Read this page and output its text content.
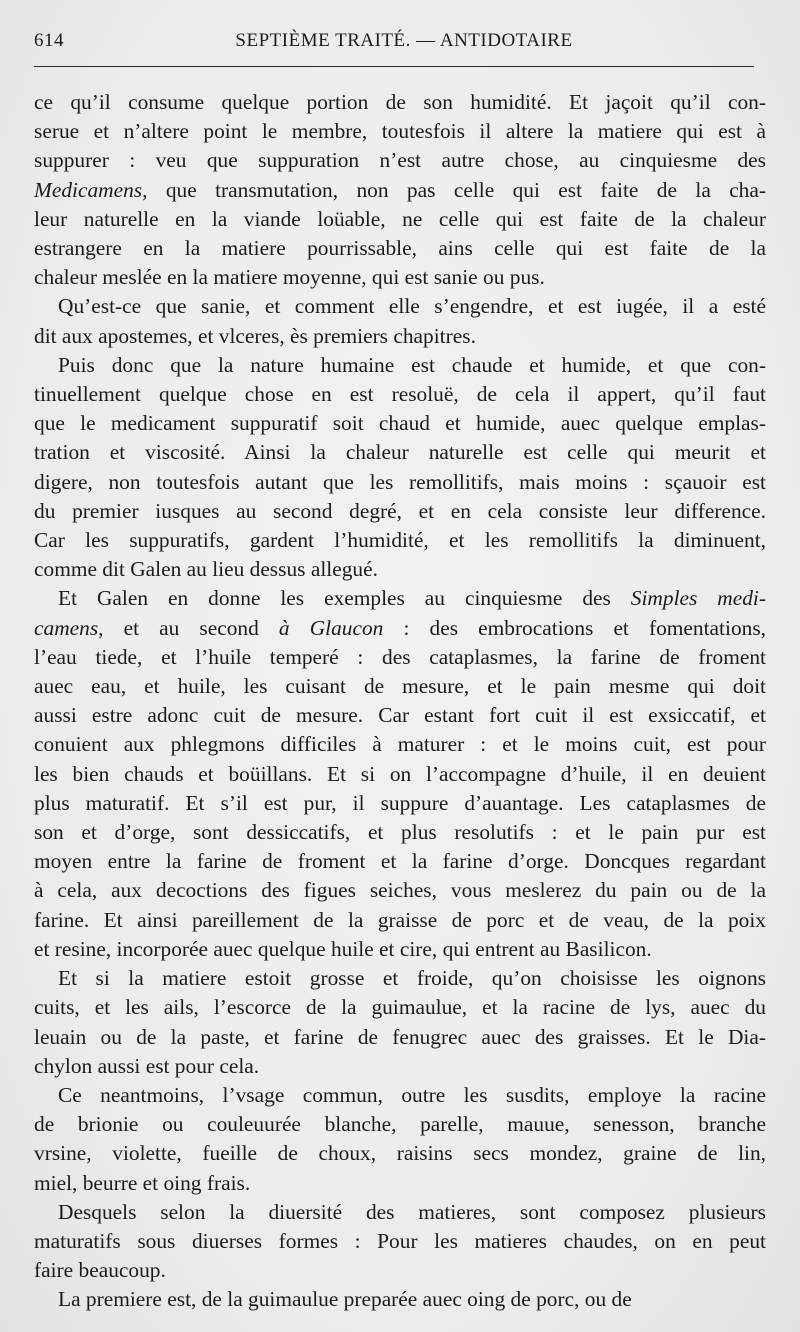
614	SEPTIÈME TRAITÉ. — ANTIDOTAIRE

ce qu’il consume quelque portion de son humidité. Et jaçoit qu’il con-
serue et n’altere point le membre, toutesfois il altere la matiere qui est à
suppurer : veu que suppuration n’est autre chose, au cinquiesme des
Medicamens, que transmutation, non pas celle qui est faite de la cha-
leur naturelle en la viande loüable, ne celle qui est faite de la chaleur
estrangere en la matiere pourrissable, ains celle qui est faite de la
chaleur meslée en la matiere moyenne, qui est sanie ou pus.

Qu’est-ce que sanie, et comment elle s’engendre, et est iugée, il a esté
dit aux apostemes, et vlceres, ès premiers chapitres.

Puis donc que la nature humaine est chaude et humide, et que con-
tinuellement quelque chose en est resoluë, de cela il appert, qu’il faut
que le medicament suppuratif soit chaud et humide, auec quelque emplas-
tration et viscosité. Ainsi la chaleur naturelle est celle qui meurit et
digere, non toutesfois autant que les remollitifs, mais moins : sçauoir est
du premier iusques au second degré, et en cela consiste leur difference.
Car les suppuratifs, gardent l’humidité, et les remollitifs la diminuent,
comme dit Galen au lieu dessus allegué.

Et Galen en donne les exemples au cinquiesme des Simples medi-
camens, et au second à Glaucon : des embrocations et fomentations,
l’eau tiede, et l’huile temperé : des cataplasmes, la farine de froment
auec eau, et huile, les cuisant de mesure, et le pain mesme qui doit
aussi estre adonc cuit de mesure. Car estant fort cuit il est exsiccatif, et
conuient aux phlegmons difficiles à maturer : et le moins cuit, est pour
les bien chauds et boüillans. Et si on l’accompagne d’huile, il en deuient
plus maturatif. Et s’il est pur, il suppure d’auantage. Les cataplasmes de
son et d’orge, sont dessiccatifs, et plus resolutifs : et le pain pur est
moyen entre la farine de froment et la farine d’orge. Doncques regardant
à cela, aux decoctions des figues seiches, vous meslerez du pain ou de la
farine. Et ainsi pareillement de la graisse de porc et de veau, de la poix
et resine, incorporée auec quelque huile et cire, qui entrent au Basilicon.

Et si la matiere estoit grosse et froide, qu’on choisisse les oignons
cuits, et les ails, l’escorce de la guimaulue, et la racine de lys, auec du
leuain ou de la paste, et farine de fenugrec auec des graisses. Et le Dia-
chylon aussi est pour cela.

Ce neantmoins, l’vsage commun, outre les susdits, employe la racine
de brionie ou couleuurée blanche, parelle, mauue, senesson, branche
vrsine, violette, fueille de choux, raisins secs mondez, graine de lin,
miel, beurre et oing frais.

Desquels selon la diuersité des matieres, sont composez plusieurs
maturatifs sous diuerses formes : Pour les matieres chaudes, on en peut
faire beaucoup.

La premiere est, de la guimaulue preparée auec oing de porc, ou de
